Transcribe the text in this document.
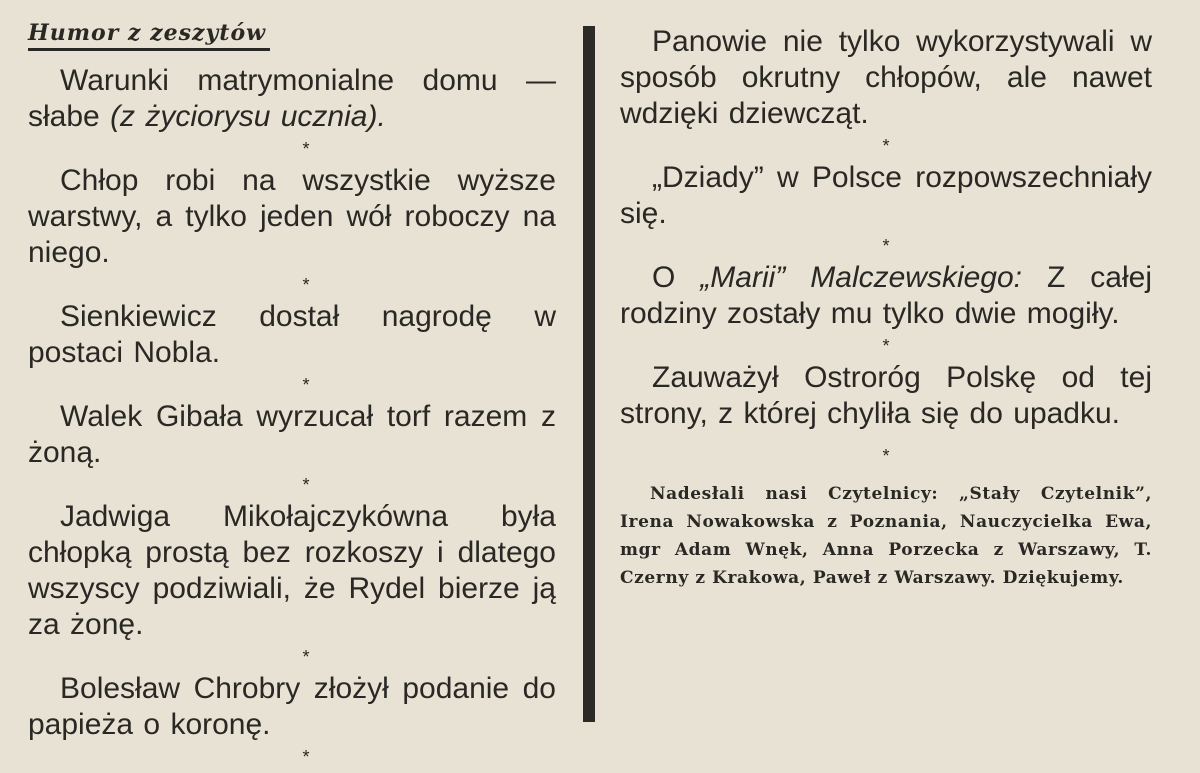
Humor z zeszytów

Warunki matrymonialne domu — słabe (z życiorysu ucznia).

*

Chłop robi na wszystkie wyższe warstwy, a tylko jeden wół roboczy na niego.

*

Sienkiewicz dostał nagrodę w postaci Nobla.

*

Walek Gibała wyrzucał torf razem z żoną.

*

Jadwiga Mikołajczykówna była chłopką prostą bez rozkoszy i dlatego wszyscy podziwiali, że Rydel bierze ją za żonę.

*

Bolesław Chrobry złożył podanie do papieża o koronę.

*

Panowie nie tylko wykorzystywali w sposób okrutny chłopów, ale nawet wdzięki dziewcząt.

*

„Dziady” w Polsce rozpowszechniały się.

*

O „Marii” Malczewskiego: Z całej rodziny zostały mu tylko dwie mogiły.

*

Zauważył Ostroróg Polskę od tej strony, z której chyliła się do upadku.

*

Nadesłali nasi Czytelnicy: „Stały Czytelnik”, Irena Nowakowska z Poznania, Nauczycielka Ewa, mgr Adam Wnęk, Anna Porzecka z Warszawy, T. Czerny z Krakowa, Paweł z Warszawy. Dziękujemy.
